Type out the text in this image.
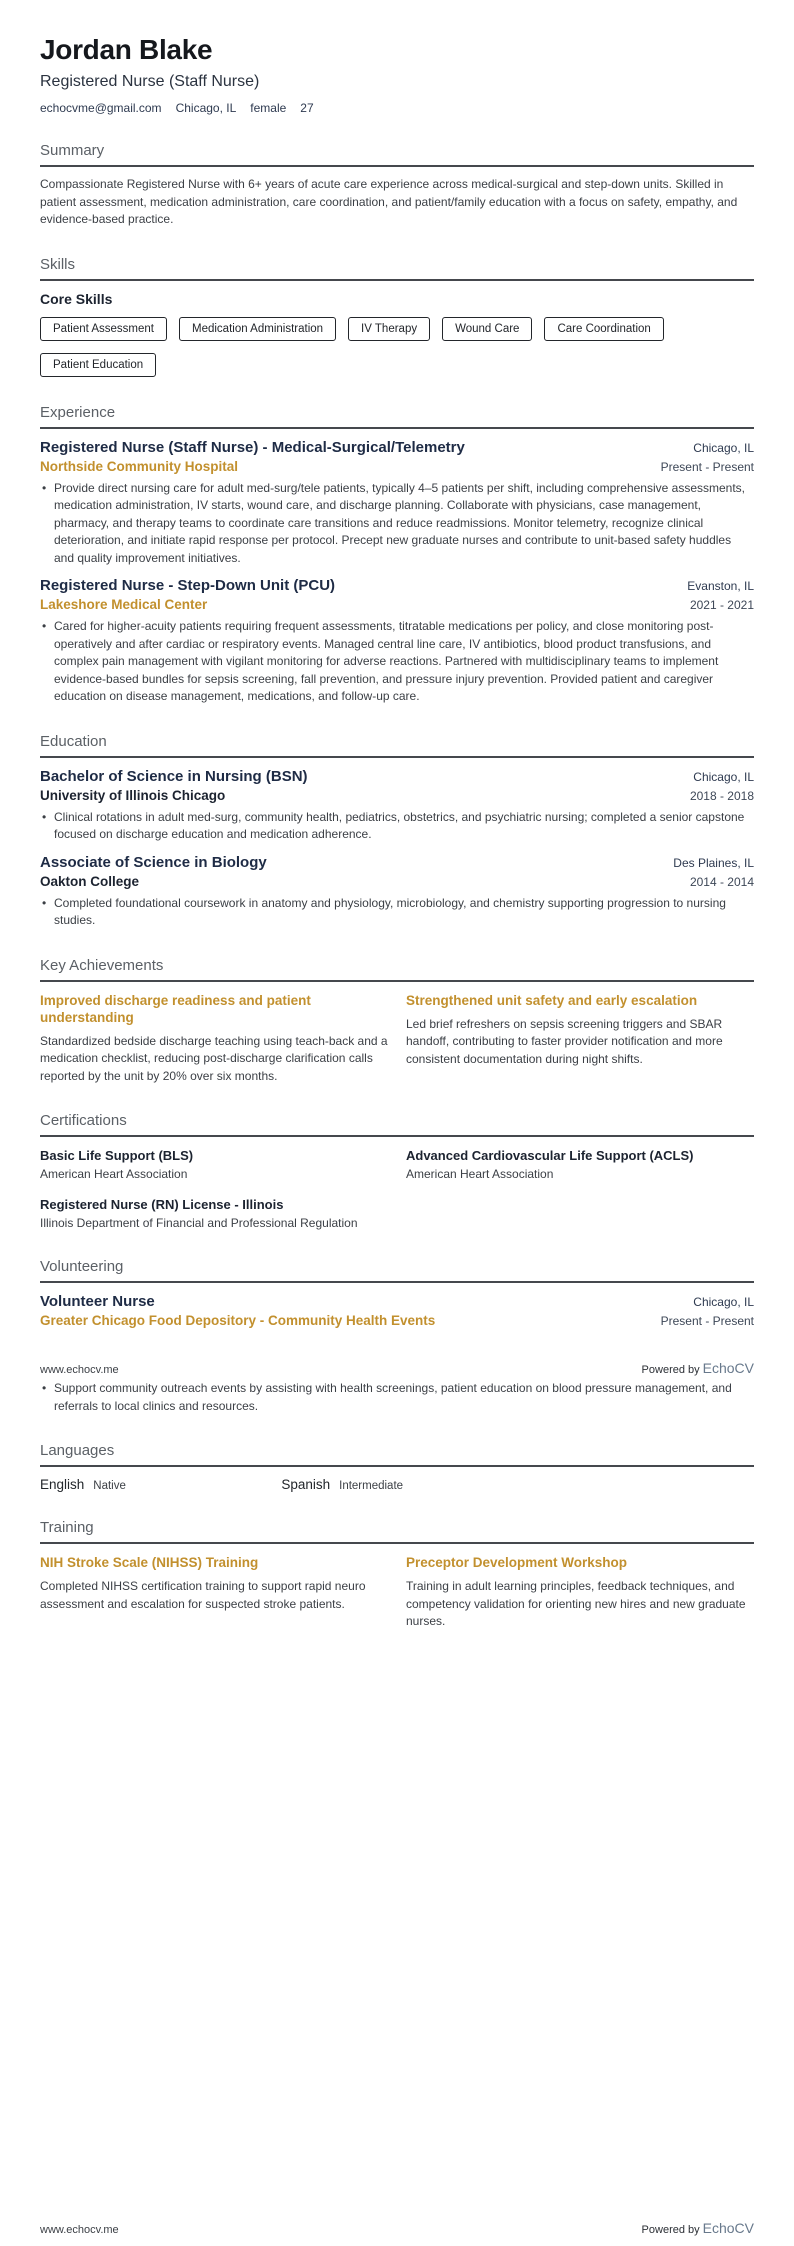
Jordan Blake
Registered Nurse (Staff Nurse)
echocvme@gmail.com Chicago, IL female 27
Summary

Compassionate Registered Nurse with 6+ years of acute care experience across medical-surgical and step-down units. Skilled in patient assessment, medication administration, care coordination, and patient/family education with a focus on safety, empathy, and evidence-based practice.

Skills
Core Skills
Patient Assessment	Medication Administration	IV Therapy	Wound Care	Care Coordination
Patient Education
Experience
Registered Nurse (Staff Nurse) - Medical-Surgical/Telemetry	Chicago, IL
Northside Community Hospital	Present - Present
• Provide direct nursing care for adult med-surg/tele patients, typically 4–5 patients per shift, including comprehensive assessments, medication administration, IV starts, wound care, and discharge planning. Collaborate with physicians, case management, pharmacy, and therapy teams to coordinate care transitions and reduce readmissions. Monitor telemetry, recognize clinical deterioration, and initiate rapid response per protocol. Precept new graduate nurses and contribute to unit-based safety huddles and quality improvement initiatives.
Registered Nurse - Step-Down Unit (PCU)	Evanston, IL
Lakeshore Medical Center	2021 - 2021
• Cared for higher-acuity patients requiring frequent assessments, titratable medications per policy, and close monitoring post-operatively and after cardiac or respiratory events. Managed central line care, IV antibiotics, blood product transfusions, and complex pain management with vigilant monitoring for adverse reactions. Partnered with multidisciplinary teams to implement evidence-based bundles for sepsis screening, fall prevention, and pressure injury prevention. Provided patient and caregiver education on disease management, medications, and follow-up care.
Education
Bachelor of Science in Nursing (BSN)	Chicago, IL
University of Illinois Chicago	2018 - 2018
• Clinical rotations in adult med-surg, community health, pediatrics, obstetrics, and psychiatric nursing; completed a senior capstone focused on discharge education and medication adherence.
Associate of Science in Biology	Des Plaines, IL
Oakton College	2014 - 2014
• Completed foundational coursework in anatomy and physiology, microbiology, and chemistry supporting progression to nursing studies.
Key Achievements
Improved discharge readiness and patient understanding
Standardized bedside discharge teaching using teach-back and a medication checklist, reducing post-discharge clarification calls reported by the unit by 20% over six months.
Strengthened unit safety and early escalation
Led brief refreshers on sepsis screening triggers and SBAR handoff, contributing to faster provider notification and more consistent documentation during night shifts.
Certifications
Basic Life Support (BLS)
American Heart Association
Advanced Cardiovascular Life Support (ACLS)
American Heart Association
Registered Nurse (RN) License - Illinois
Illinois Department of Financial and Professional Regulation
Volunteering
Volunteer Nurse	Chicago, IL
Greater Chicago Food Depository - Community Health Events	Present - Present
www.echocv.me	Powered by EchoCV
• Support community outreach events by assisting with health screenings, patient education on blood pressure management, and referrals to local clinics and resources.
Languages
English Native	Spanish Intermediate
Training
NIH Stroke Scale (NIHSS) Training
Completed NIHSS certification training to support rapid neuro assessment and escalation for suspected stroke patients.
Preceptor Development Workshop
Training in adult learning principles, feedback techniques, and competency validation for orienting new hires and new graduate nurses.
www.echocv.me	Powered by EchoCV
